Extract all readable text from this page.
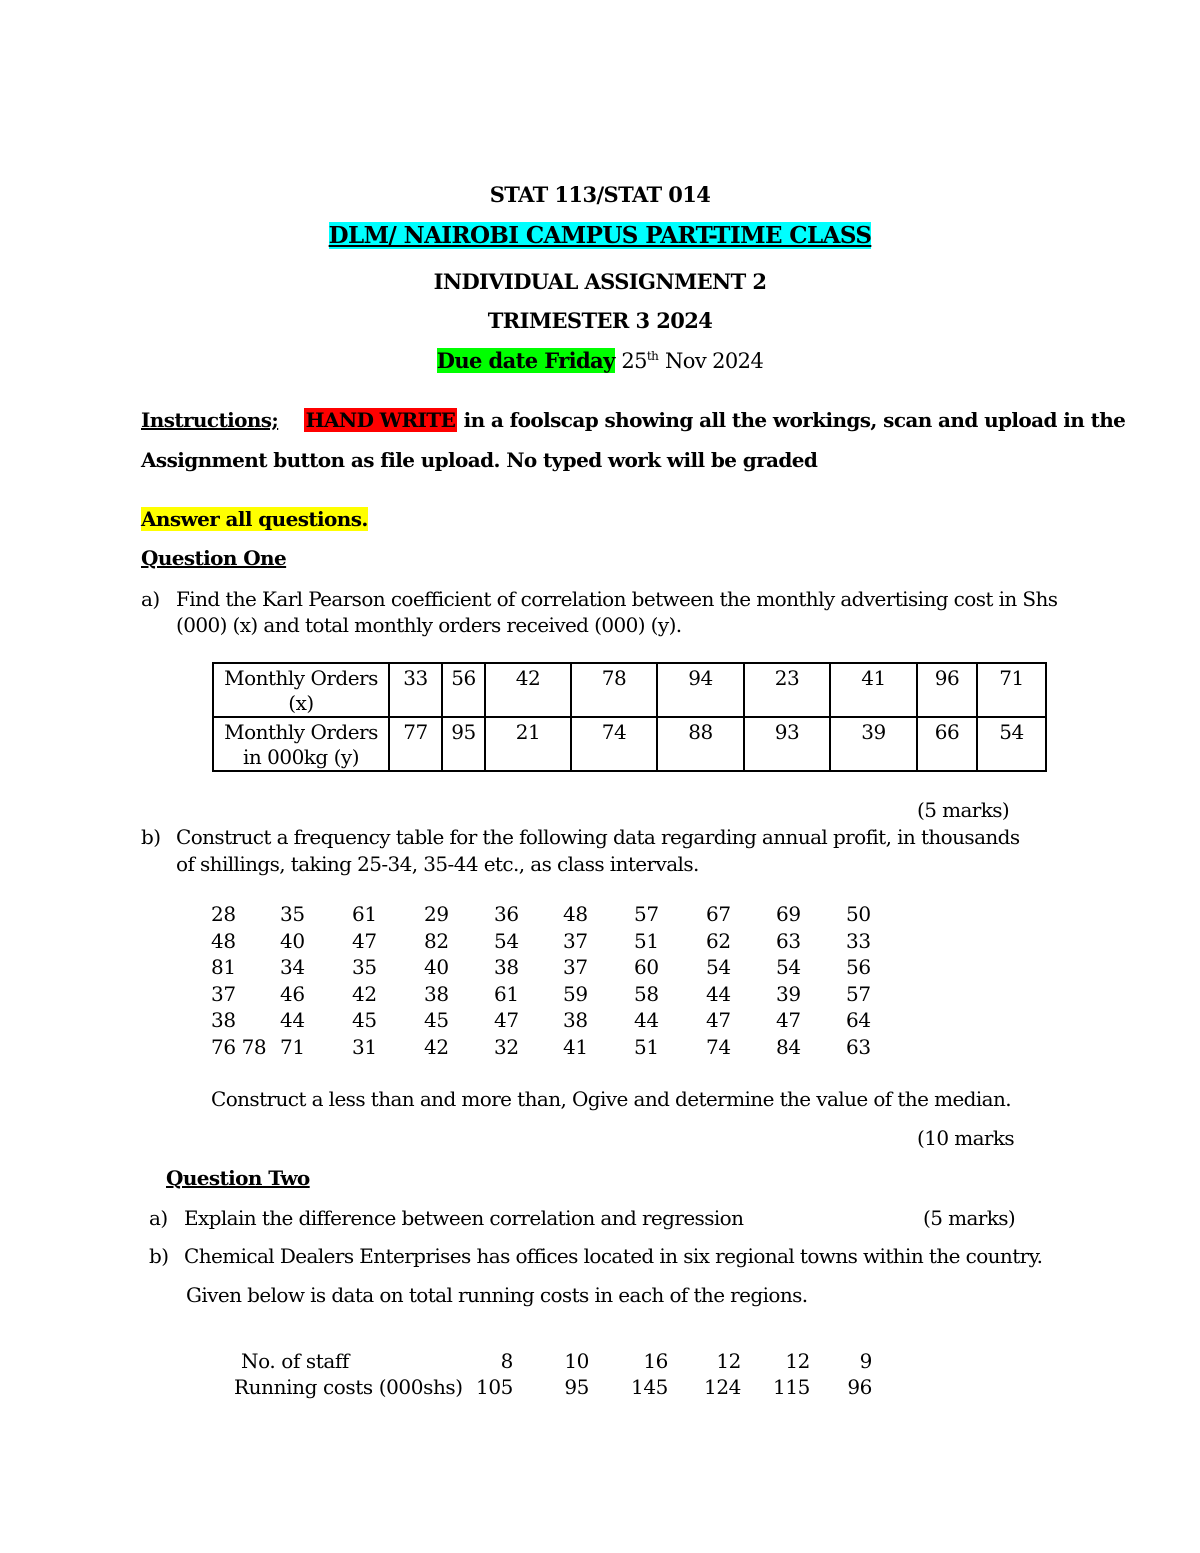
STAT 113/STAT 014
DLM/ NAIROBI CAMPUS PART-TIME CLASS
INDIVIDUAL ASSIGNMENT 2
TRIMESTER 3 2024
Due date Friday 25th Nov 2024
Instructions; HAND WRITE in a foolscap showing all the workings, scan and upload in the
Assignment button as file upload. No typed work will be graded
Answer all questions.
Question One
a) Find the Karl Pearson coefficient of correlation between the monthly advertising cost in Shs
(000) (x) and total monthly orders received (000) (y).
Monthly Orders
(x)	33	56	42	78	94	23	41	96	71
Monthly Orders
in 000kg (y)	77	95	21	74	88	93	39	66	54
(5 marks)
b) Construct a frequency table for the following data regarding annual profit, in thousands
of shillings, taking 25-34, 35-44 etc., as class intervals.
28 35 61 29 36 48 57 67 69 50
48 40 47 82 54 37 51 62 63 33
81 34 35 40 38 37 60 54 54 56
37 46 42 38 61 59 58 44 39 57
38 44 45 45 47 38 44 47 47 64
76 78 71 31 42 32 41 51 74 84 63
Construct a less than and more than, Ogive and determine the value of the median.
(10 marks
Question Two
a) Explain the difference between correlation and regression	(5 marks)
b) Chemical Dealers Enterprises has offices located in six regional towns within the country.
Given below is data on total running costs in each of the regions.
No. of staff	8	10	16 12 12 9
Running costs (000shs) 105	95 145 124 115 96
